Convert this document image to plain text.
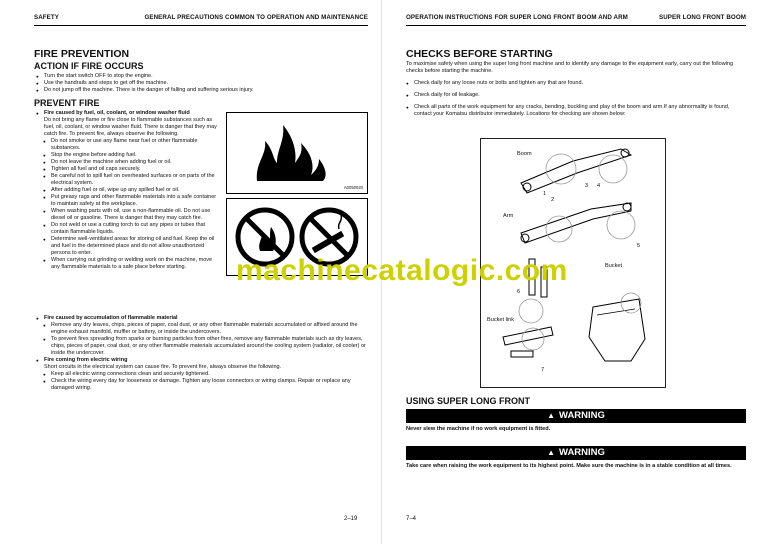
SAFETY	GENERAL PRECAUTIONS COMMON TO OPERATION AND MAINTENANCE
FIRE PREVENTION
ACTION IF FIRE OCCURS
● Turn the start switch OFF to stop the engine.
● Use the handrails and steps to get off the machine.
● Do not jump off the machine. There is the danger of falling and suffering serious injury.
PREVENT FIRE
● Fire caused by fuel, oil, coolant, or window washer fluid

Do not bring any flame or fire close to flammable substances such as fuel, oil, coolant, or window washer fluid. There is danger that they may catch fire. To prevent fire, always observe the following.

● Do not smoke or use any flame near fuel or other flammable substances.
● Stop the engine before adding fuel.
● Do not leave the machine when adding fuel or oil.
● Tighten all fuel and oil caps securely.
● Be careful not to spill fuel on overheated surfaces or on parts of the electrical system.
● After adding fuel or oil, wipe up any spilled fuel or oil.
● Put greasy rags and other flammable materials into a safe container to maintain safety at the workplace.
● When washing parts with oil, use a non-flammable oil. Do not use diesel oil or gasoline. There is danger that they may catch fire.
● Do not weld or use a cutting torch to cut any pipes or tubes that contain flammable liquids.
● Determine well-ventilated areas for storing oil and fuel. Keep the oil and fuel in the determined place and do not allow unauthorized persons to enter.
● When carrying out grinding or welding work on the machine, move any flammable materials to a safe place before starting.
A0050020
● Fire caused by accumulation of flammable material
● Remove any dry leaves, chips, pieces of paper, coal dust, or any other flammable materials accumulated or affixed around the engine exhaust manifold, muffler or battery, or inside the undercovers.
● To prevent fires spreading from sparks or burning particles from other fires, remove any flammable materials such as dry leaves, chips, pieces of paper, coal dust, or any other flammable materials accumulated around the cooling system (radiator, oil cooler) or inside the undercover.
● Fire coming from electric wiring

Short circuits in the electrical system can cause fire. To prevent fire, always observe the following.

● Keep all electric wiring connections clean and securely tightened.
● Check the wiring every day for looseness or damage. Tighten any loose connectors or wiring clamps. Repair or replace any damaged wiring.
2–19
OPERATION INSTRUCTIONS FOR SUPER LONG FRONT BOOM AND ARM	SUPER LONG FRONT BOOM
CHECKS BEFORE STARTING

To maximise safety when using the super long front machine and to identify any damage to the equipment early, carry out the following checks before starting the machine.

● Check daily for any loose nuts or bolts and tighten any that are found.
● Check daily for oil leakage.
● Check all parts of the work equipment for any cracks, bending, buckling and play of the boom and arm.If any abnormality is found, contact your Komatsu distributor immediately. Locations for checking are shown below:
USING SUPER LONG FRONT
▲ WARNING

Never slew the machine if no work equipment is fitted.

▲ WARNING

Take care when raising the work equipment to its highest point. Make sure the machine is in a stable condition at all times.

7–4
Boom
Arm
Bucket
Bucket link
1
2
3 4
5
6
7
machinecatalogic.com
